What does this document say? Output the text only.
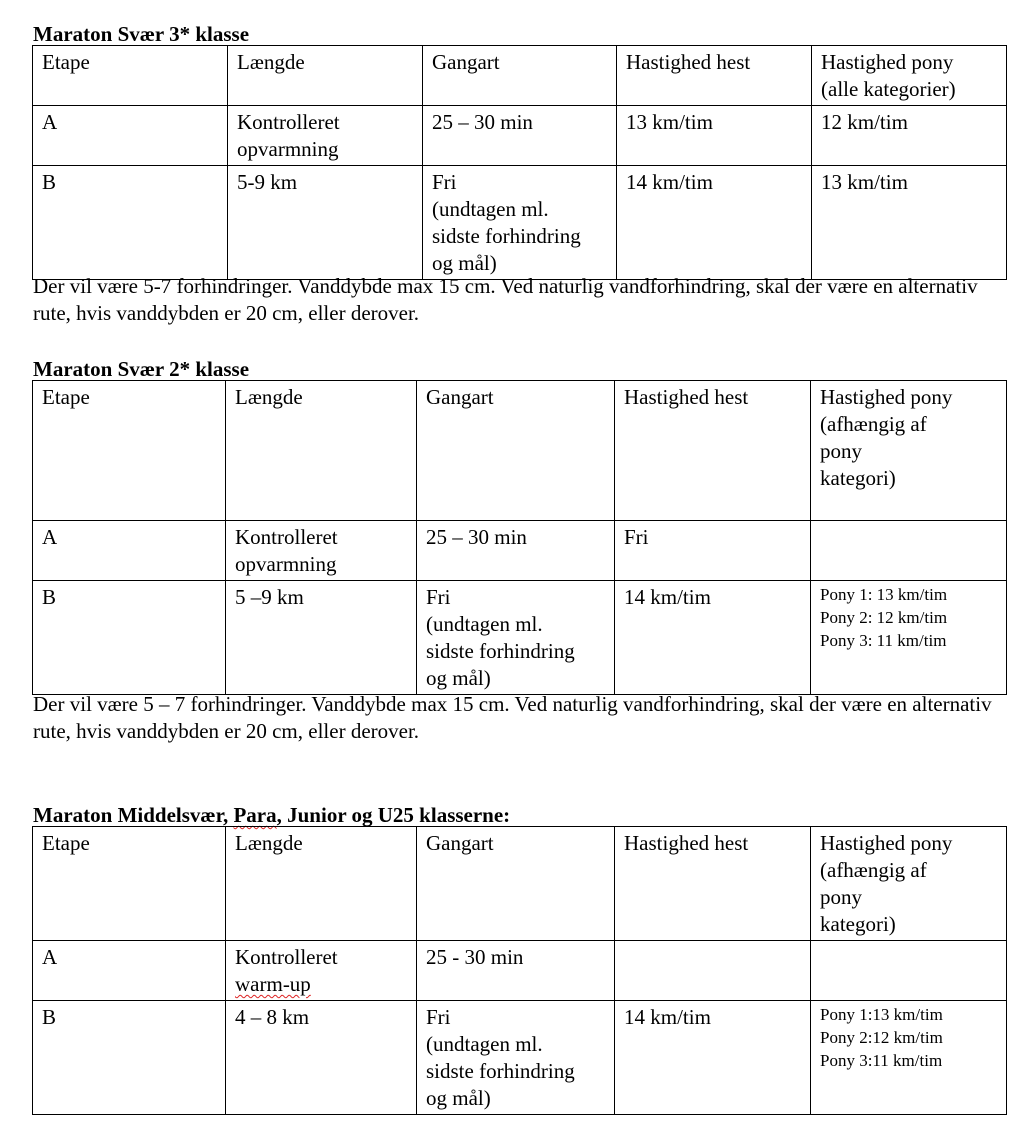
Maraton Svær 3* klasse
Etape	Længde	Gangart	Hastighed hest	Hastighed pony
(alle kategorier)

A	Kontrolleret
opvarmning	25 – 30 min	13 km/tim	12 km/tim

B	5-9 km	Fri
(undtagen ml.
sidste forhindring
og mål)	14 km/tim	13 km/tim
Der vil være 5-7 forhindringer. Vanddybde max 15 cm. Ved naturlig vandforhindring, skal der være en alternativ rute, hvis vanddybden er 20 cm, eller derover.
Maraton Svær 2* klasse
Etape	Længde	Gangart	Hastighed hest	Hastighed pony
(afhængig af
pony
kategori)

A	Kontrolleret
opvarmning	25 – 30 min	Fri	

B	5 –9 km	Fri
(undtagen ml.
sidste forhindring
og mål)	14 km/tim	Pony 1: 13 km/tim
Pony 2: 12 km/tim
Pony 3: 11 km/tim
Der vil være 5 – 7 forhindringer. Vanddybde max 15 cm. Ved naturlig vandforhindring, skal der være en alternativ rute, hvis vanddybden er 20 cm, eller derover.
Maraton Middelsvær, Para, Junior og U25 klasserne:
Etape	Længde	Gangart	Hastighed hest	Hastighed pony
(afhængig af
pony
kategori)

A	Kontrolleret
warm-up	25 - 30 min		

B	4 – 8 km	Fri
(undtagen ml.
sidste forhindring
og mål)	14 km/tim	Pony 1:13 km/tim
Pony 2:12 km/tim
Pony 3:11 km/tim
